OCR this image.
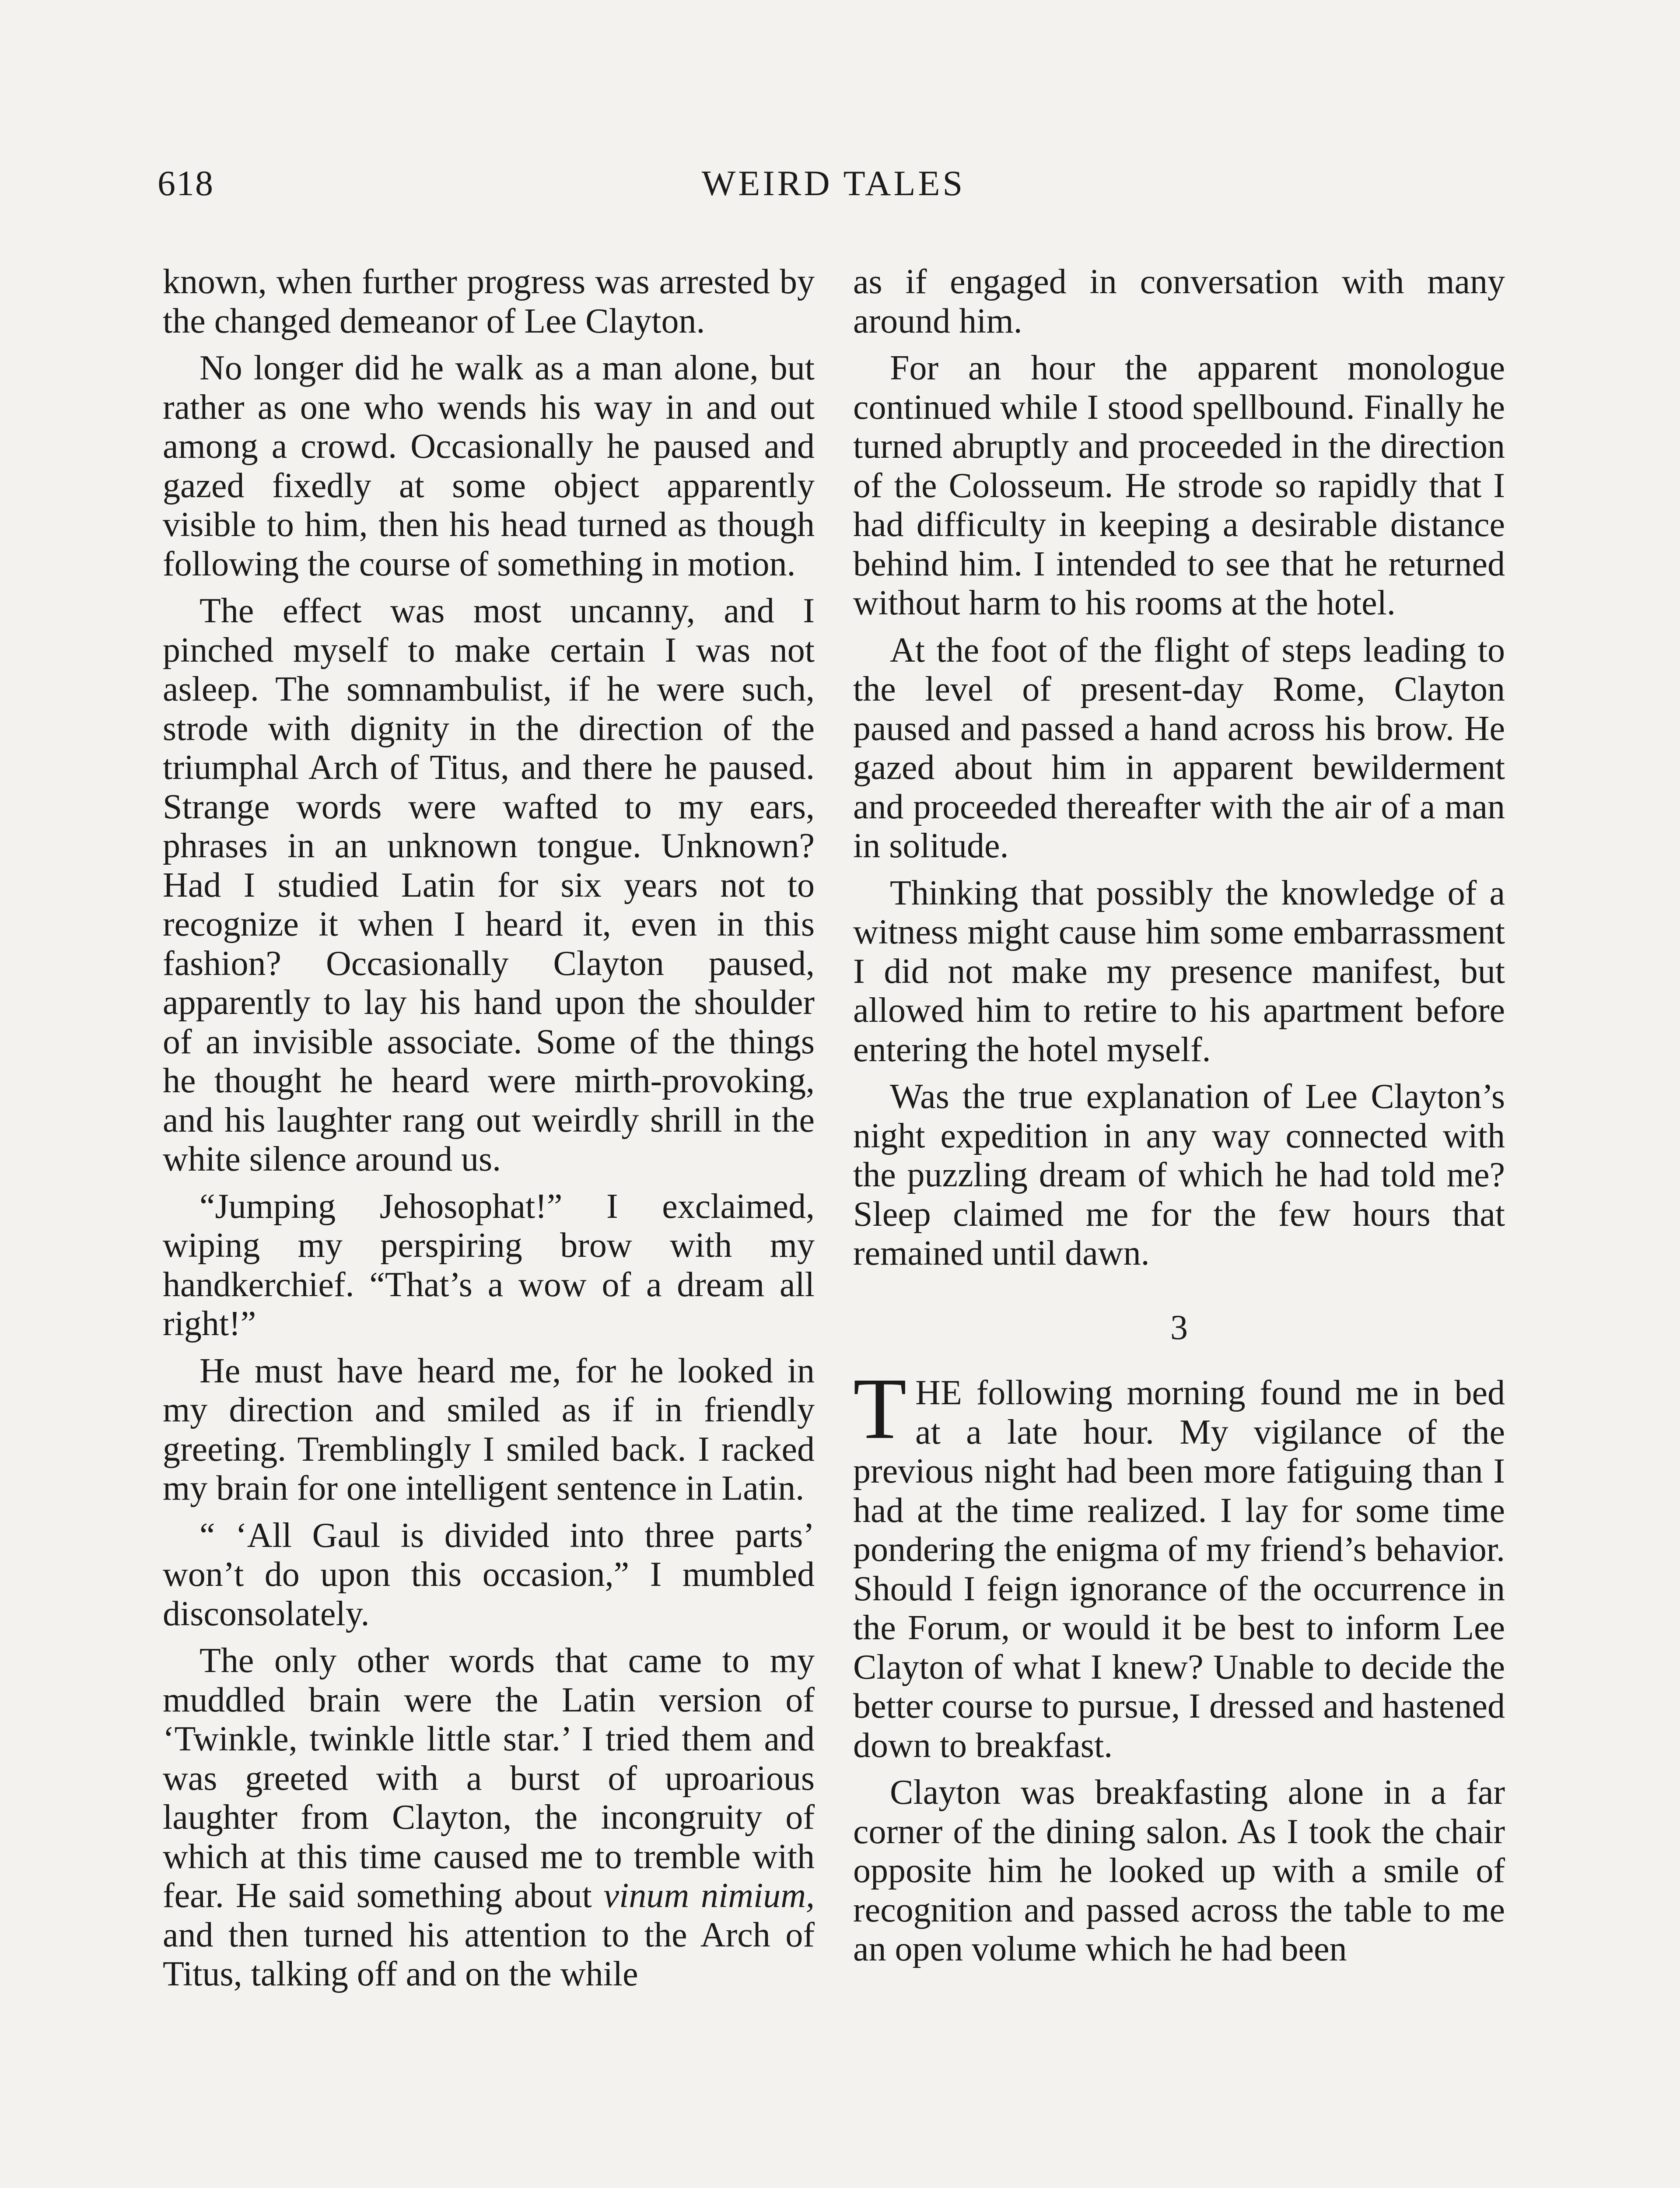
618	WEIRD TALES

known, when further progress was arrested by the changed demeanor of Lee Clayton.

No longer did he walk as a man alone, but rather as one who wends his way in and out among a crowd. Occasionally he paused and gazed fixedly at some object apparently visible to him, then his head turned as though following the course of something in motion.

The effect was most uncanny, and I pinched myself to make certain I was not asleep. The somnambulist, if he were such, strode with dignity in the direction of the triumphal Arch of Titus, and there he paused. Strange words were wafted to my ears, phrases in an unknown tongue. Unknown? Had I studied Latin for six years not to recognize it when I heard it, even in this fashion? Occasionally Clayton paused, apparently to lay his hand upon the shoulder of an invisible associate. Some of the things he thought he heard were mirth-provoking, and his laughter rang out weirdly shrill in the white silence around us.

“Jumping Jehosophat!” I exclaimed, wiping my perspiring brow with my handkerchief. “That’s a wow of a dream all right!”

He must have heard me, for he looked in my direction and smiled as if in friendly greeting. Tremblingly I smiled back. I racked my brain for one intelligent sentence in Latin.

“ ‘All Gaul is divided into three parts’ won’t do upon this occasion,” I mumbled disconsolately.

The only other words that came to my muddled brain were the Latin version of ‘Twinkle, twinkle little star.’ I tried them and was greeted with a burst of uproarious laughter from Clayton, the incongruity of which at this time caused me to tremble with fear. He said something about vinum nimium, and then turned his attention to the Arch of Titus, talking off and on the while

as if engaged in conversation with many around him.

For an hour the apparent monologue continued while I stood spellbound. Finally he turned abruptly and proceeded in the direction of the Colosseum. He strode so rapidly that I had difficulty in keeping a desirable distance behind him. I intended to see that he returned without harm to his rooms at the hotel.

At the foot of the flight of steps leading to the level of present-day Rome, Clayton paused and passed a hand across his brow. He gazed about him in apparent bewilderment and proceeded thereafter with the air of a man in solitude.

Thinking that possibly the knowledge of a witness might cause him some embarrassment I did not make my presence manifest, but allowed him to retire to his apartment before entering the hotel myself.

Was the true explanation of Lee Clayton’s night expedition in any way connected with the puzzling dream of which he had told me? Sleep claimed me for the few hours that remained until dawn.

3

THE following morning found me in bed at a late hour. My vigilance of the previous night had been more fatiguing than I had at the time realized. I lay for some time pondering the enigma of my friend’s behavior. Should I feign ignorance of the occurrence in the Forum, or would it be best to inform Lee Clayton of what I knew? Unable to decide the better course to pursue, I dressed and hastened down to breakfast.

Clayton was breakfasting alone in a far corner of the dining salon. As I took the chair opposite him he looked up with a smile of recognition and passed across the table to me an open volume which he had been
